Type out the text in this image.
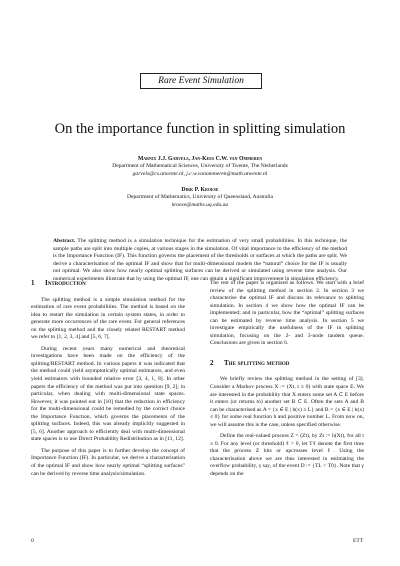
Rare Event Simulation
On the importance function in splitting simulation
Marnix J.J. Garvels, Jan-Kees C.W. van Ommeren
Department of Mathematical Sciences, University of Twente, The Netherlands
garvels@cs.utwente.nl, j.c.w.vanommeren@math.utwente.nl
Dirk P. Kroese
Department of Mathematics, University of Queensland, Australia
kroese@maths.uq.edu.au
Abstract. The splitting method is a simulation technique for the estimation of very small probabilities. In this technique, the sample paths are split into multiple copies, at various stages in the simulation. Of vital importance to the efficiency of the method is the Importance Function (IF). This function governs the placement of the thresholds or surfaces at which the paths are split. We derive a characterisation of the optimal IF and show that for multi-dimensional models the “natural” choice for the IF is usually not optimal. We also show how nearly optimal splitting surfaces can be derived or simulated using reverse time analysis. Our numerical experiments illustrate that by using the optimal IF, one can obtain a significant improvement in simulation efficiency.
1 Introduction

The splitting method is a simple simulation method for the estimation of rare event probabilities. The method is based on the idea to restart the simulation in certain system states, in order to generate more occurrences of the rare event. For general references on the splitting method and the closely related RESTART method we refer to [1, 2, 3, 4] and [5, 6, 7].

During recent years many numerical and theoretical investigations have been made on the efficiency of the splitting/RESTART method. In various papers it was indicated that the method could yield asymptotically optimal estimators, and even yield estimators with bounded relative error [3, 4, 1, 8]. In other papers the efficiency of the method was put into question [9, 2]; in particular, when dealing with multi-dimensional state spaces. However, it was pointed out in [10] that the reduction in efficiency for the multi-dimensional could be remedied by the correct choice the Importance Function, which governs the placements of the splitting surfaces. Indeed, this was already implicitly suggested in [5, 6]. Another approach to efficiently deal with multi-dimensional state spaces is to use Direct Probability Redistribution as in [11, 12].

The purpose of this paper is to further develop the concept of Importance Function (IF). In particular, we derive a characterisation of the optimal IF and show how nearly optimal “splitting surfaces” can be derived by reverse time analysis/simulation.

The rest of the paper is organised as follows. We start with a brief review of the splitting method in section 2. In section 3 we characterise the optimal IF and discuss its relevance to splitting simulation. In section 4 we show how the optimal IF can be implemented; and in particular, how the “optimal” splitting surfaces can be estimated by reverse time analysis. In section 5 we investigate empirically the usefulness of the IF in splitting simulation, focusing on the 2- and 3-node tandem queue. Conclusions are given in section 6.

2 The splitting method

We briefly review the splitting method in the setting of [3]. Consider a Markov process X := (Xt, t ≥ 0) with state space E. We are interested in the probability that X enters some set A ⊂ E before it enters (or returns to) another set B ⊂ E. Often the sets A and B can be characterised as A = {x ∈ E | h(x) ≥ L} and B = {x ∈ E | h(x) ≤ 0} for some real function h and positive number L. From now on, we will assume this is the case, unless specified otherwise.

Define the real-valued process Z = (Zt), by Zt := h(Xt), for all t ≥ 0. For any level (or threshold) ℓ > 0, let Tℓ denote the first time that the process Z hits or upcrosses level ℓ. Using the characterisation above we are thus interested in estimating the overflow probability, γ say, of the event D := {TL < T0}. Note that γ depends on the

0	ETT
